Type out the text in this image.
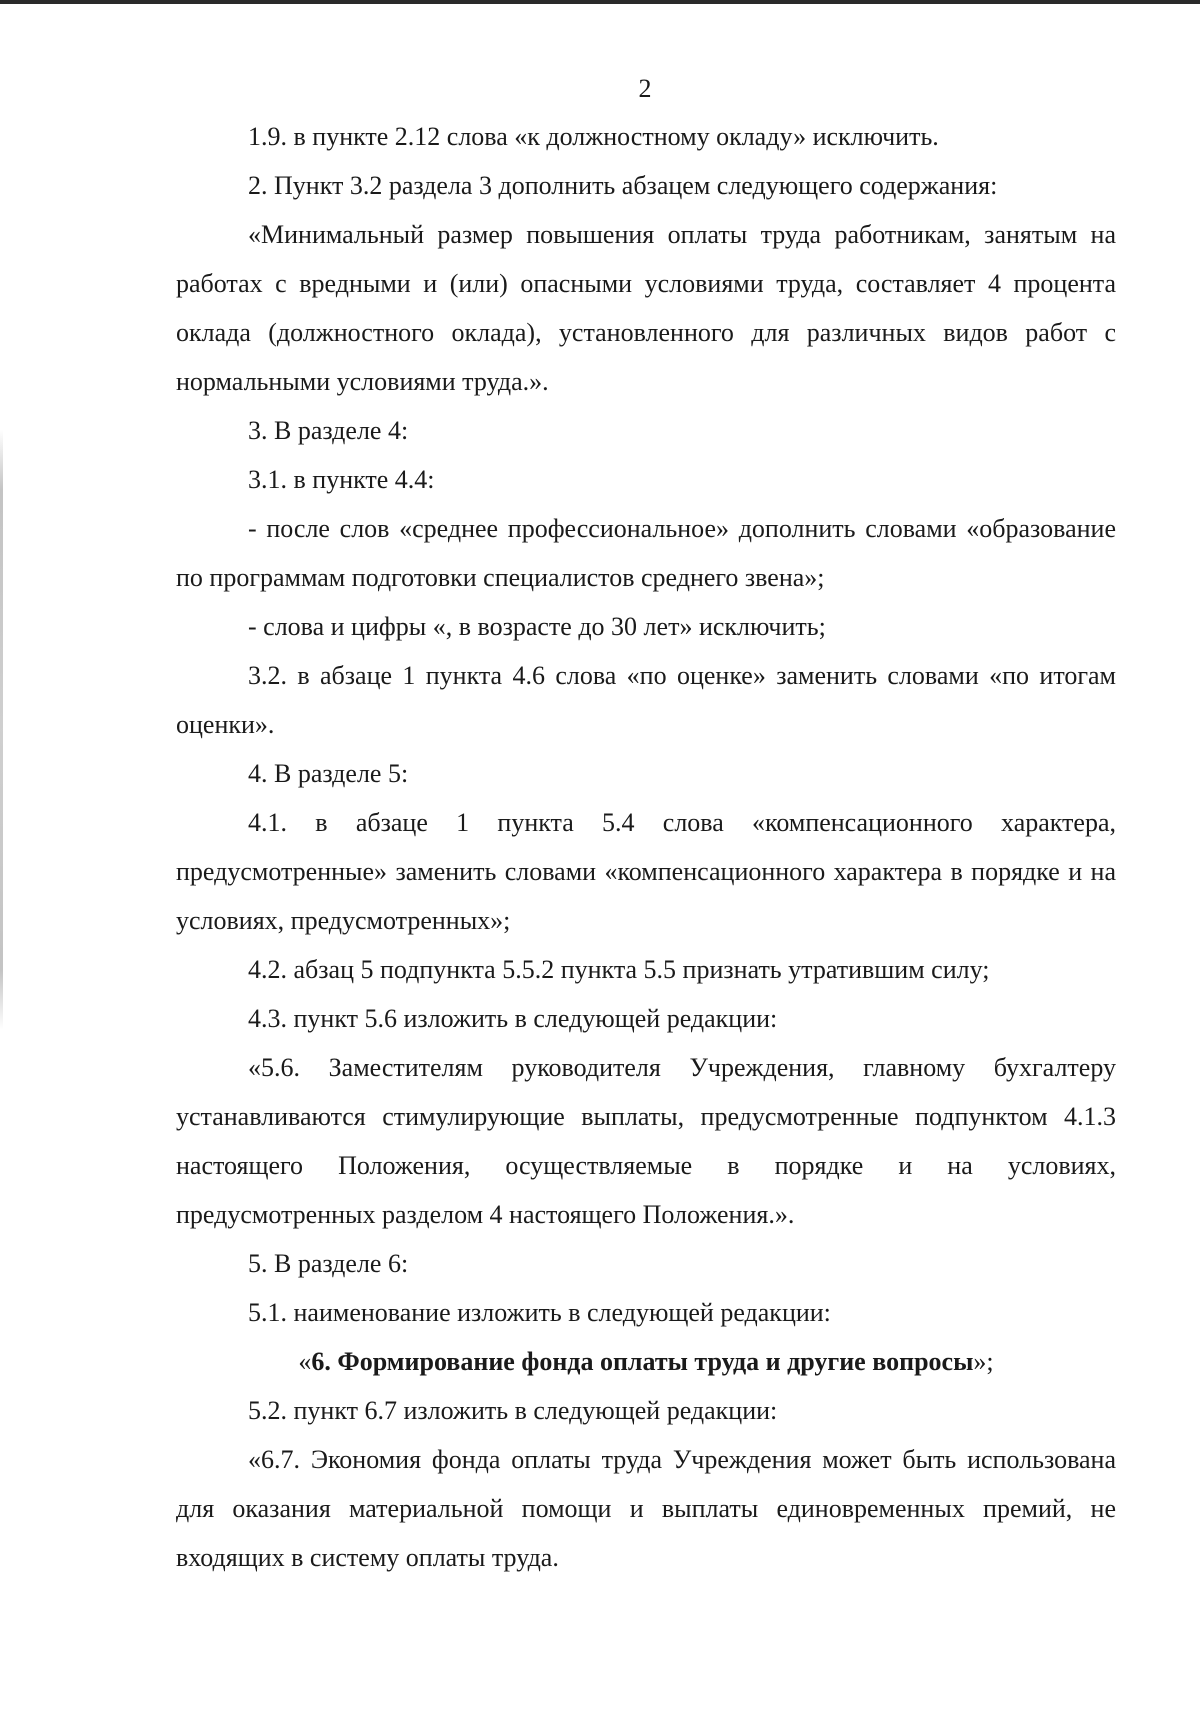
2

1.9. в пункте 2.12 слова «к должностному окладу» исключить.

2. Пункт 3.2 раздела 3 дополнить абзацем следующего содержания:

«Минимальный размер повышения оплаты труда работникам, занятым на работах с вредными и (или) опасными условиями труда, составляет 4 процента оклада (должностного оклада), установленного для различных видов работ с нормальными условиями труда.».

3. В разделе 4:

3.1. в пункте 4.4:

- после слов «среднее профессиональное» дополнить словами «образование по программам подготовки специалистов среднего звена»;

- слова и цифры «, в возрасте до 30 лет» исключить;

3.2. в абзаце 1 пункта 4.6 слова «по оценке» заменить словами «по итогам оценки».

4. В разделе 5:

4.1. в абзаце 1 пункта 5.4 слова «компенсационного характера, предусмотренные» заменить словами «компенсационного характера в порядке и на условиях, предусмотренных»;

4.2. абзац 5 подпункта 5.5.2 пункта 5.5 признать утратившим силу;

4.3. пункт 5.6 изложить в следующей редакции:

«5.6. Заместителям руководителя Учреждения, главному бухгалтеру устанавливаются стимулирующие выплаты, предусмотренные подпунктом 4.1.3 настоящего Положения, осуществляемые в порядке и на условиях, предусмотренных разделом 4 настоящего Положения.».

5. В разделе 6:

5.1. наименование изложить в следующей редакции:

«6. Формирование фонда оплаты труда и другие вопросы»;

5.2. пункт 6.7 изложить в следующей редакции:

«6.7. Экономия фонда оплаты труда Учреждения может быть использована для оказания материальной помощи и выплаты единовременных премий, не входящих в систему оплаты труда.
